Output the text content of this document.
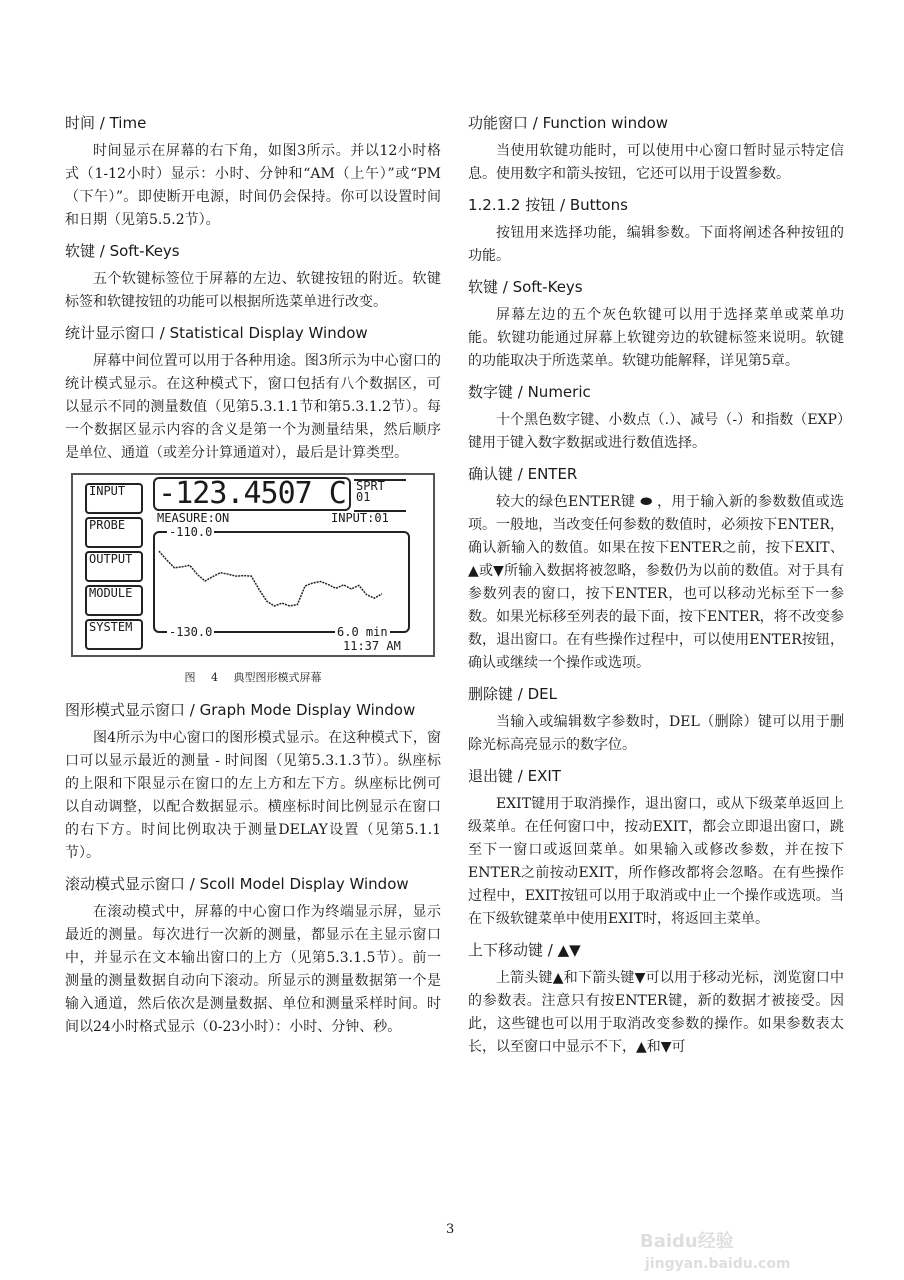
时间 / Time

时间显示在屏幕的右下角，如图3所示。并以12小时格式（1-12小时）显示：小时、分钟和“AM（上午）”或“PM（下午）”。即使断开电源，时间仍会保持。你可以设置时间和日期（见第5.5.2节）。

软键 / Soft-Keys

五个软键标签位于屏幕的左边、软键按钮的附近。软键标签和软键按钮的功能可以根据所选菜单进行改变。

统计显示窗口 / Statistical Display Window

屏幕中间位置可以用于各种用途。图3所示为中心窗口的统计模式显示。在这种模式下，窗口包括有八个数据区，可以显示不同的测量数值（见第5.3.1.1节和第5.3.1.2节）。每一个数据区显示内容的含义是第一个为测量结果，然后顺序是单位、通道（或差分计算通道对），最后是计算类型。

INPUT
PROBE
OUTPUT
MODULE
SYSTEM
-123.4507 C SPRT
01
MEASURE:ON	INPUT:01
-110.0
-130.0	6.0 min
11:37 AM
图 4 典型图形模式屏幕
图形模式显示窗口 / Graph Mode Display Window

图4所示为中心窗口的图形模式显示。在这种模式下，窗口可以显示最近的测量 - 时间图（见第5.3.1.3节）。纵座标的上限和下限显示在窗口的左上方和左下方。纵座标比例可以自动调整，以配合数据显示。横座标时间比例显示在窗口的右下方。时间比例取决于测量DELAY设置（见第5.1.1节）。

滚动模式显示窗口 / Scoll Model Display Window

在滚动模式中，屏幕的中心窗口作为终端显示屏，显示最近的测量。每次进行一次新的测量，都显示在主显示窗口中，并显示在文本输出窗口的上方（见第5.3.1.5节）。前一测量的测量数据自动向下滚动。所显示的测量数据第一个是输入通道，然后依次是测量数据、单位和测量采样时间。时间以24小时格式显示（0-23小时）：小时、分钟、秒。

功能窗口 / Function window

当使用软键功能时，可以使用中心窗口暂时显示特定信息。使用数字和箭头按钮，它还可以用于设置参数。

1.2.1.2 按钮 / Buttons

按钮用来选择功能，编辑参数。下面将阐述各种按钮的功能。

软键 / Soft-Keys

屏幕左边的五个灰色软键可以用于选择菜单或菜单功能。软键功能通过屏幕上软键旁边的软键标签来说明。软键的功能取决于所选菜单。软键功能解释，详见第5章。

数字键 / Numeric

十个黑色数字键、小数点（.）、减号（-）和指数（EXP）键用于键入数字数据或进行数值选择。

确认键 / ENTER

较大的绿色ENTER键 ⬬ ，用于输入新的参数数值或选项。一般地，当改变任何参数的数值时，必须按下ENTER，确认新输入的数值。如果在按下ENTER之前，按下EXIT、▲或▼所输入数据将被忽略，参数仍为以前的数值。对于具有参数列表的窗口，按下ENTER，也可以移动光标至下一参数。如果光标移至列表的最下面，按下ENTER，将不改变参数，退出窗口。在有些操作过程中，可以使用ENTER按钮，确认或继续一个操作或选项。

删除键 / DEL

当输入或编辑数字参数时，DEL（删除）键可以用于删除光标高亮显示的数字位。

退出键 / EXIT

EXIT键用于取消操作，退出窗口，或从下级菜单返回上级菜单。在任何窗口中，按动EXIT，都会立即退出窗口，跳至下一窗口或返回菜单。如果输入或修改参数，并在按下ENTER之前按动EXIT，所作修改都将会忽略。在有些操作过程中，EXIT按钮可以用于取消或中止一个操作或选项。当在下级软键菜单中使用EXIT时，将返回主菜单。

上下移动键 / ▲▼

上箭头键▲和下箭头键▼可以用于移动光标，浏览窗口中的参数表。注意只有按ENTER键，新的数据才被接受。因此，这些键也可以用于取消改变参数的操作。如果参数表太长，以至窗口中显示不下，▲和▼可

3
Baidu经验
jingyan.baidu.com
